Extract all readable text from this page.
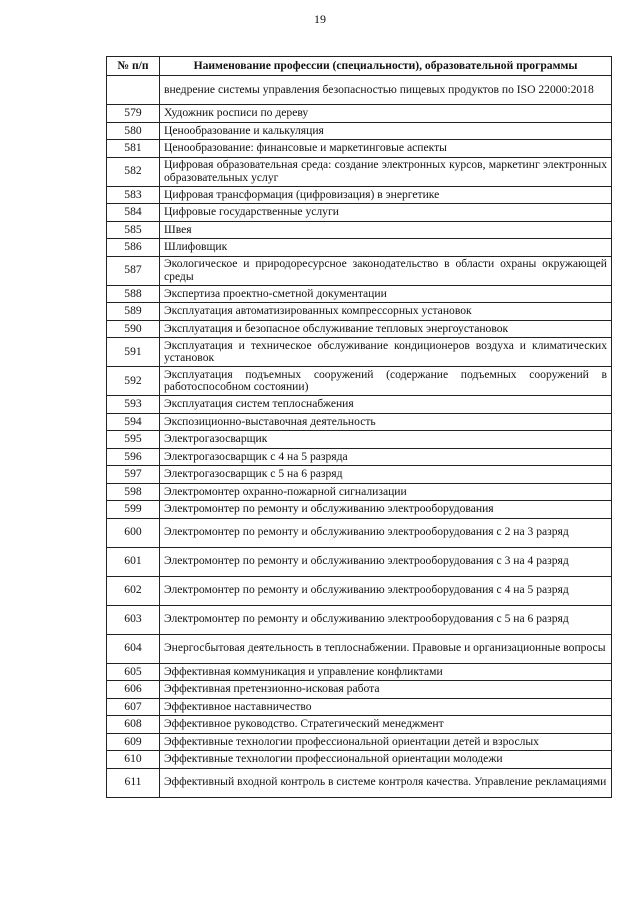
19
№ п/п	Наименование профессии (специальности), образовательной программы
	внедрение системы управления безопасностью пищевых продуктов по ISO 22000:2018
579	Художник росписи по дереву
580	Ценообразование и калькуляция
581	Ценообразование: финансовые и маркетинговые аспекты
582	Цифровая образовательная среда: создание электронных курсов, маркетинг электронных образовательных услуг
583	Цифровая трансформация (цифровизация) в энергетике
584	Цифровые государственные услуги
585	Швея
586	Шлифовщик
587	Экологическое и природоресурсное законодательство в области охраны окружающей среды
588	Экспертиза проектно-сметной документации
589	Эксплуатация автоматизированных компрессорных установок
590	Эксплуатация и безопасное обслуживание тепловых энергоустановок
591	Эксплуатация и техническое обслуживание кондиционеров воздуха и климатических установок
592	Эксплуатация подъемных сооружений (содержание подъемных сооружений в работоспособном состоянии)
593	Эксплуатация систем теплоснабжения
594	Экспозиционно-выставочная деятельность
595	Электрогазосварщик
596	Электрогазосварщик с 4 на 5 разряда
597	Электрогазосварщик с 5 на 6 разряд
598	Электромонтер охранно-пожарной сигнализации
599	Электромонтер по ремонту и обслуживанию электрооборудования
600	Электромонтер по ремонту и обслуживанию электрооборудования с 2 на 3 разряд
601	Электромонтер по ремонту и обслуживанию электрооборудования с 3 на 4 разряд
602	Электромонтер по ремонту и обслуживанию электрооборудования с 4 на 5 разряд
603	Электромонтер по ремонту и обслуживанию электрооборудования с 5 на 6 разряд
604	Энергосбытовая деятельность в теплоснабжении. Правовые и организационные вопросы
605	Эффективная коммуникация и управление конфликтами
606	Эффективная претензионно-исковая работа
607	Эффективное наставничество
608	Эффективное руководство. Стратегический менеджмент
609	Эффективные технологии профессиональной ориентации детей и взрослых
610	Эффективные технологии профессиональной ориентации молодежи
611	Эффективный входной контроль в системе контроля качества. Управление рекламациями
